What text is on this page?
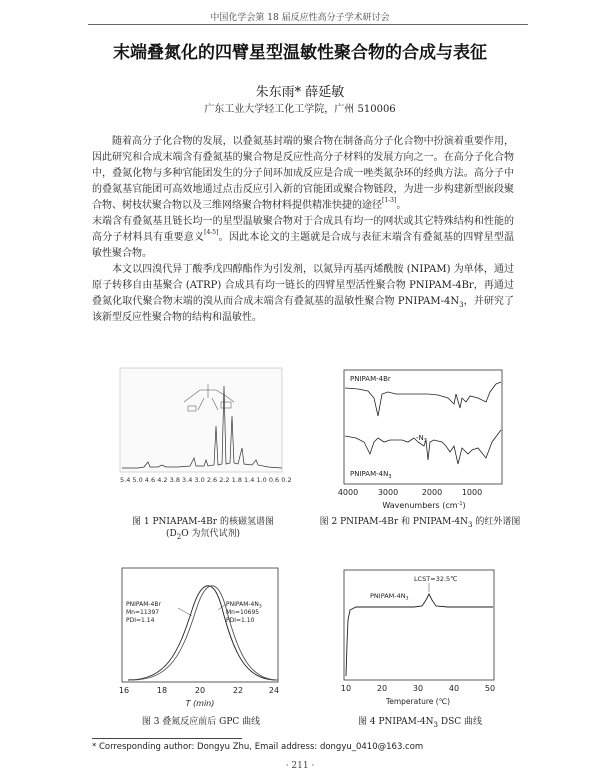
中国化学会第 18 届反应性高分子学术研讨会
末端叠氮化的四臂星型温敏性聚合物的合成与表征
朱东雨* 薛延敏
广东工业大学轻工化工学院，广州 510006

随着高分子化合物的发展，以叠氮基封端的聚合物在制备高分子化合物中扮演着重要作用，因此研究和合成末端含有叠氮基的聚合物是反应性高分子材料的发展方向之一。在高分子化合物中，叠氮化物与多种官能团发生的分子间环加成反应是合成一唑类氮杂环的经典方法。高分子中的叠氮基官能团可高效地通过点击反应引入新的官能团或聚合物链段，为进一步构建新型嵌段聚合物、树枝状聚合物以及三维网络聚合物材料提供精准快捷的途径[1-3]。

末端含有叠氮基且链长均一的星型温敏聚合物对于合成具有均一的网状或其它特殊结构和性能的高分子材料具有重要意义[4-5]。因此本论文的主题就是合成与表征末端含有叠氮基的四臂星型温敏性聚合物。

本文以四溴代异丁酸季戊四醇酯作为引发剂，以氮异丙基丙烯酰胺 (NIPAM) 为单体，通过原子转移自由基聚合 (ATRP) 合成具有均一链长的四臂星型活性聚合物 PNIPAM-4Br，再通过叠氮化取代聚合物末端的溴从而合成末端含有叠氮基的温敏性聚合物 PNIPAM-$4N_3$，并研究了该新型反应性聚合物的结构和温敏性。

5.4 5.0 4.6 4.2 3.8 3.4 3.0 2.6 2.2 1.8 1.4 1.0 0.6 0.2
图 1 PNIAPAM-4Br 的核磁氢谱图
($D_2O$ 为氘代试剂)
PNIPAM-4Br
$-N_3$
PNIPAM-$4N_3$
4000 3000	2000 1000
Wavenumbers $(cm^{-1})$
图 2 PNIPAM-4Br 和 PNIPAM-$4N_3$ 的红外谱图
PNIPAM-4Br
Mn=11397
PDI=1.14
PNIPAM-$4N_3$
Mn=10695
PDI=1.10
16	18	20	22	24
T (min)
图 3 叠氮反应前后 GPC 曲线
LCST=32.5℃
PNIPAM-$4N_3$
10	20	30	40	50
Temperature (℃)
图 4 PNIPAM-$4N_3$ DSC 曲线
* Corresponding author: Dongyu Zhu, Email address: dongyu_0410@163.com
· 211 ·
